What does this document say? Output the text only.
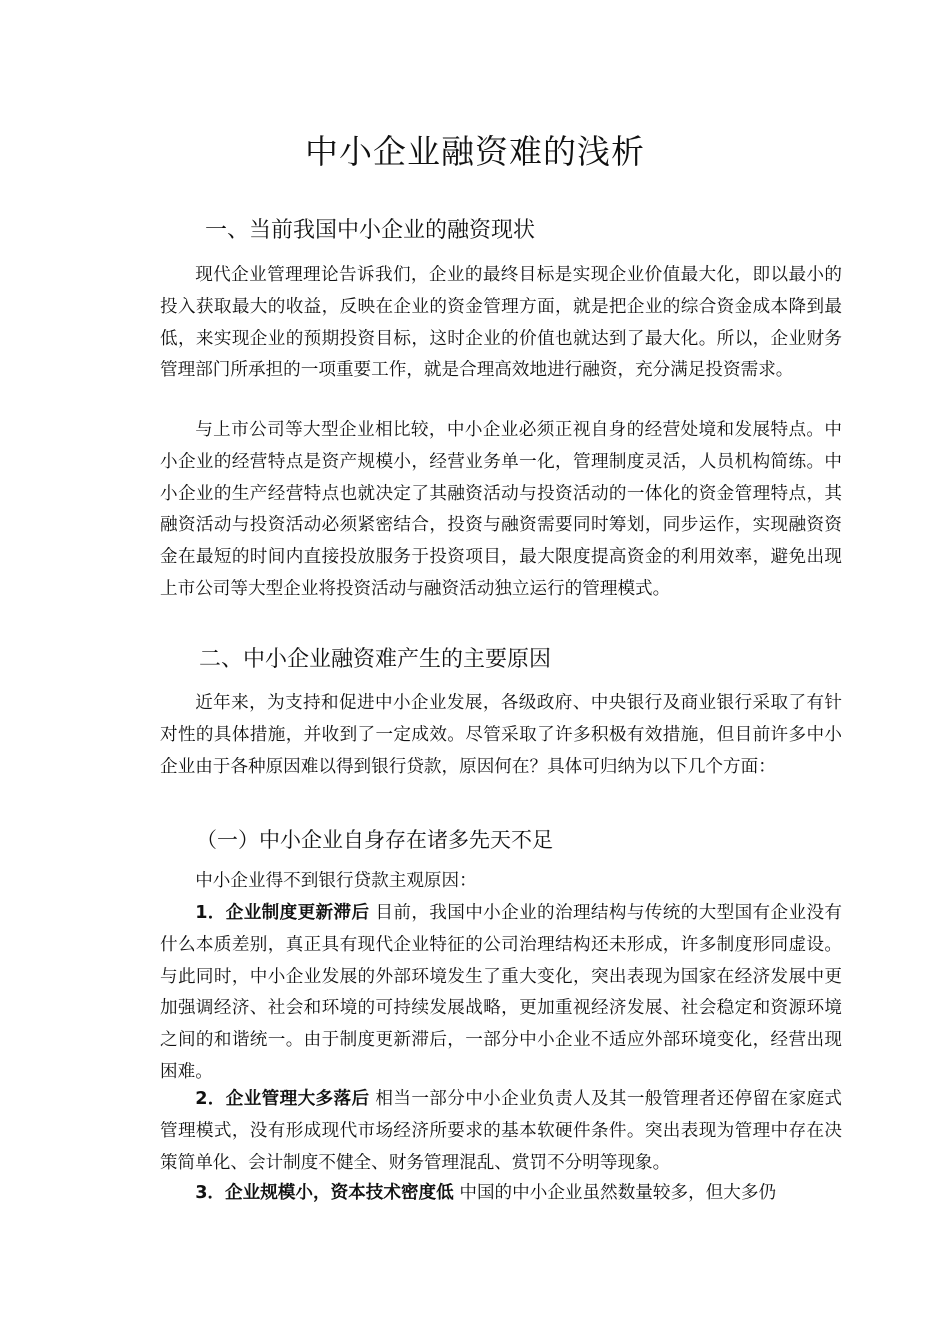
中小企业融资难的浅析
一、当前我国中小企业的融资现状

现代企业管理理论告诉我们，企业的最终目标是实现企业价值最大化，即以最小的投入获取最大的收益，反映在企业的资金管理方面，就是把企业的综合资金成本降到最低，来实现企业的预期投资目标，这时企业的价值也就达到了最大化。所以，企业财务管理部门所承担的一项重要工作，就是合理高效地进行融资，充分满足投资需求。

与上市公司等大型企业相比较，中小企业必须正视自身的经营处境和发展特点。中小企业的经营特点是资产规模小，经营业务单一化，管理制度灵活，人员机构简练。中小企业的生产经营特点也就决定了其融资活动与投资活动的一体化的资金管理特点，其融资活动与投资活动必须紧密结合，投资与融资需要同时筹划，同步运作，实现融资资金在最短的时间内直接投放服务于投资项目，最大限度提高资金的利用效率，避免出现上市公司等大型企业将投资活动与融资活动独立运行的管理模式。

二、中小企业融资难产生的主要原因

近年来，为支持和促进中小企业发展，各级政府、中央银行及商业银行采取了有针对性的具体措施，并收到了一定成效。尽管采取了许多积极有效措施，但目前许多中小企业由于各种原因难以得到银行贷款，原因何在？具体可归纳为以下几个方面：

（一）中小企业自身存在诸多先天不足

中小企业得不到银行贷款主观原因：

1．企业制度更新滞后 目前，我国中小企业的治理结构与传统的大型国有企业没有什么本质差别，真正具有现代企业特征的公司治理结构还未形成，许多制度形同虚设。与此同时，中小企业发展的外部环境发生了重大变化，突出表现为国家在经济发展中更加强调经济、社会和环境的可持续发展战略，更加重视经济发展、社会稳定和资源环境之间的和谐统一。由于制度更新滞后，一部分中小企业不适应外部环境变化，经营出现困难。

2．企业管理大多落后 相当一部分中小企业负责人及其一般管理者还停留在家庭式管理模式，没有形成现代市场经济所要求的基本软硬件条件。突出表现为管理中存在决策简单化、会计制度不健全、财务管理混乱、赏罚不分明等现象。

3．企业规模小，资本技术密度低 中国的中小企业虽然数量较多，但大多仍
